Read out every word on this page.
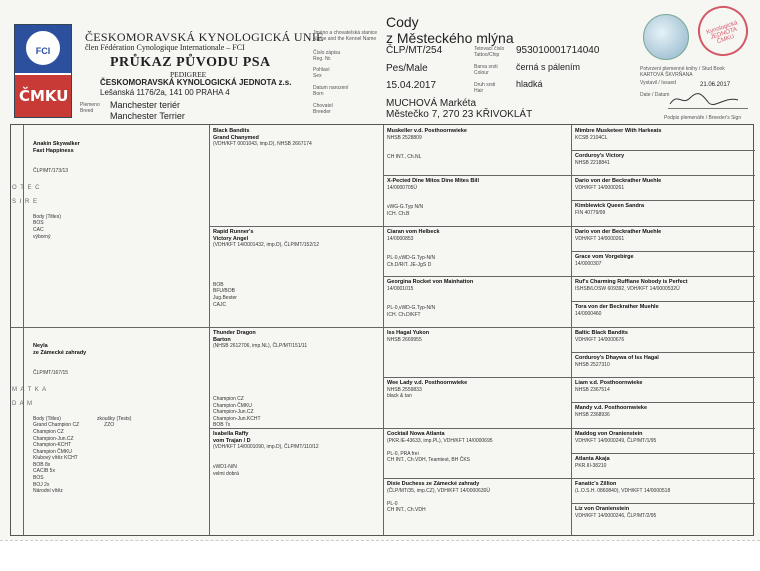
FCI
ČMKU
ČESKOMORAVSKÁ KYNOLOGICKÁ UNIE
člen Fédération Cynologique Internationale – FCI
PRŮKAZ PŮVODU PSA
PEDIGREE
ČESKOMORAVSKÁ KYNOLOGICKÁ JEDNOTA z.s.
Lešanská 1176/2a, 141 00 PRAHA 4
Plemeno
Breed
Manchester teriér
Manchester Terrier
Jméno a chovatelská stanice
Name and the Kennel Name
Číslo zápisu
Reg. Nr.
Pohlaví
Sex
Datum narození
Born
Chovatel
Breeder
Cody
z Městeckého mlýna
ČLP/MT/254
Pes/Male
15.04.2017
MUCHOVÁ Markéta
Městečko 7, 270 23 KŘIVOKLÁT
Tetovací číslo
Tattoo/Chip
Barva srsti
Colour
Druh srsti
Hair
953010001714040
černá s pálením
hladká
Kynologická
JEDNOTA
ČMKU
Potvrzení plemenné knihy / Stud Book
KARTOVÁ ŠKVRŇANA
Vystavil / Issued	21.06.2017
Date / Datum
Podpis plemenáře / Breeder's Sign
O T E C

S I R E
M A T K A

D A M

Anakin Skywalker
Fast Happiness

ČLP/MT/173/13

Body (Titles)
BOS
CAC
výborný

Neyla
ze Zámecké zahrady

ČLP/MT/167/15

Body (Titles)                          zkoušky (Tests)
Grand Champion CZ                  ZZO
Champion CZ
Champion-Jun.CZ
Champion-KCHT
Champion ČMKU
Klubový vítěz KCHT
BOB 8x
CACIB 5x
BOS
BOJ 2x
Národní vítěz

Black Bandits
Grand Chanymed
(VDH/KFT 0001043, imp.D), NHSB 2667174
Rapid Runner's
Victory Angel
(VDH/KFT 14/0001432, imp.D), ČLP/MT/152/12

BOB
BFU/BOB
Jug.Bester
CAJC
Thunder Dragon
Barton
(NHSB 2612706, imp.NL), ČLP/MT/151/11

Champion CZ
Champion ČMKU
Champion-Jun.CZ
Champion-Jun.KCHT
BOB 7x
Isabella Raffy
vom Trajan / D
(VDH/KFT 14/0001090, imp.D), ČLP/MT/110/12

vWD1-N/N
velmi dobrá
Muskeller v.d. Posthoornwieke
NHSB 2528809

CH INT., Ch.NL
X-Pected Dine Mitos Dine Mites Bill
14/0000705Ü

vWG-G.Typ N/N
ICH. Ch.B
Ciaran vom Helbeck
14/0000853

PL-0,vWD-G.Typ-N/N
Ch.D/RIT. JE-JgS D
Georgina Rocket von Mainhatton
14/0001015

PL-0,vWD-G.Typ-N/N
ICH. Ch.D/KFT
Iss Hagal Yukon
NHSB 2669955
Wee Lady v.d. Posthoornwieke
NHSB 2559833
black & tan
Cocktail Nowa Atlanta
(PKR.IE-43633, imp.PL), VDH/KFT 14/0000695

PL-0, PRA frei
CH INT., Ch.VDH, Teamtest, BH ČKS
Dixie Duchess ze Zámecké zahrady
(ČLP/MT/35, imp.CZ), VDH/KFT 14/0000630Ü

PL-0
CH INT., Ch.VDH
Mimbre Musketeer With Harkeats
KCSB 2104CL
Corduroy's Victory
NHSB 2218841
Dario von der Beckrather Muehle
VDH/KFT 14/0000261
Kimblewick Queen Sandra
FIN 40779/99
Dario von der Beckrather Muehle
VDH/KFT 14/0000261
Grace vom Vorgebirge
14/0000307
Ruf's Charming Ruffiane Nobody is Perfect
ISHSB/LOSW 609392, VDH/KFT 14/0000532Ü
Tora von der Beckrather Muehle
14/0000460
Baltic Black Bandits
VDH/KFT 14/0000676
Corduroy's Dhaywa of Iss Hagal
NHSB 2527310
Liam v.d. Posthoornwieke
NHSB 2367514
Mandy v.d. Posthoornwieke
NHSB 2368936
Maddog von Oranienstein
VDH/KFT 14/0000249, ČLP/MT/1/95
Atlanta Akaja
PKR.III-38210
Fanatic's Zillion
(L.O.S.H. 0860840), VDH/KFT 14/0000518
Liz von Oranienstein
VDH/KFT 14/0000246, ČLP/MT/2/95
